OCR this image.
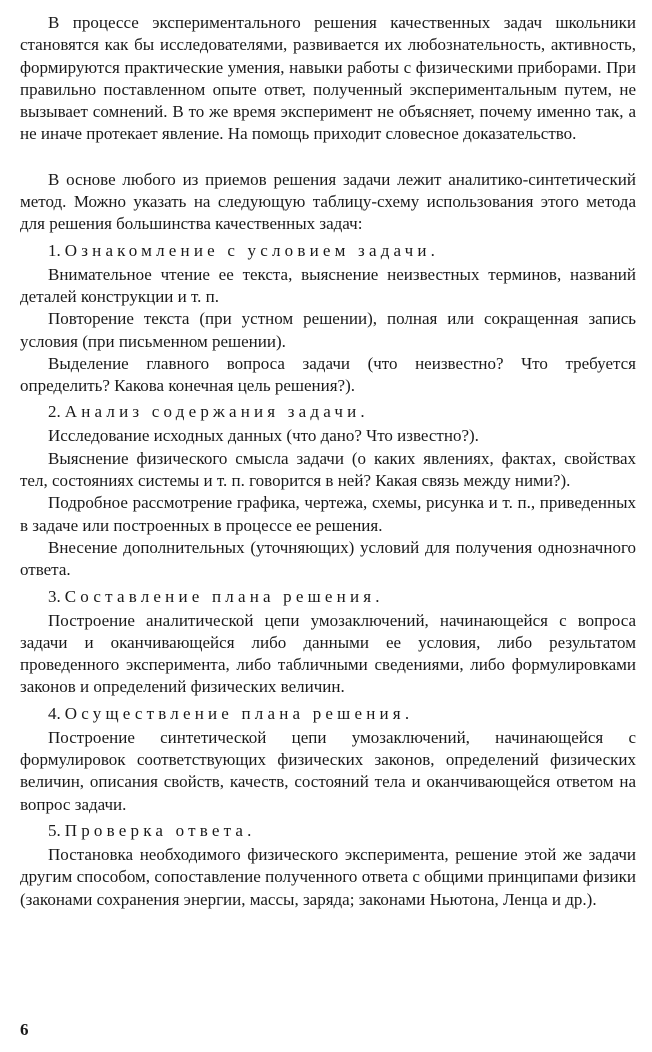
В процессе экспериментального решения качественных задач школьники становятся как бы исследователями, развивается их любознательность, активность, формируются практические умения, навыки работы с физическими приборами. При правильно поставленном опыте ответ, полученный экспериментальным путем, не вызывает сомнений. В то же время эксперимент не объясняет, почему именно так, а не иначе протекает явление. На помощь приходит словесное доказательство.

В основе любого из приемов решения задачи лежит аналитико-синтетический метод. Можно указать на следующую таблицу-схему использования этого метода для решения большинства качественных задач:

1. Ознакомление с условием задачи.

Внимательное чтение ее текста, выяснение неизвестных терминов, названий деталей конструкции и т. п.

Повторение текста (при устном решении), полная или сокращенная запись условия (при письменном решении).

Выделение главного вопроса задачи (что неизвестно? Что требуется определить? Какова конечная цель решения?).

2. Анализ содержания задачи.

Исследование исходных данных (что дано? Что известно?).

Выяснение физического смысла задачи (о каких явлениях, фактах, свойствах тел, состояниях системы и т. п. говорится в ней? Какая связь между ними?).

Подробное рассмотрение графика, чертежа, схемы, рисунка и т. п., приведенных в задаче или построенных в процессе ее решения.

Внесение дополнительных (уточняющих) условий для получения однозначного ответа.

3. Составление плана решения.

Построение аналитической цепи умозаключений, начинающейся с вопроса задачи и оканчивающейся либо данными ее условия, либо результатом проведенного эксперимента, либо табличными сведениями, либо формулировками законов и определений физических величин.

4. Осуществление плана решения.

Построение синтетической цепи умозаключений, начинающейся с формулировок соответствующих физических законов, определений физических величин, описания свойств, качеств, состояний тела и оканчивающейся ответом на вопрос задачи.

5. Проверка ответа.

Постановка необходимого физического эксперимента, решение этой же задачи другим способом, сопоставление полученного ответа с общими принципами физики (законами сохранения энергии, массы, заряда; законами Ньютона, Ленца и др.).

6
